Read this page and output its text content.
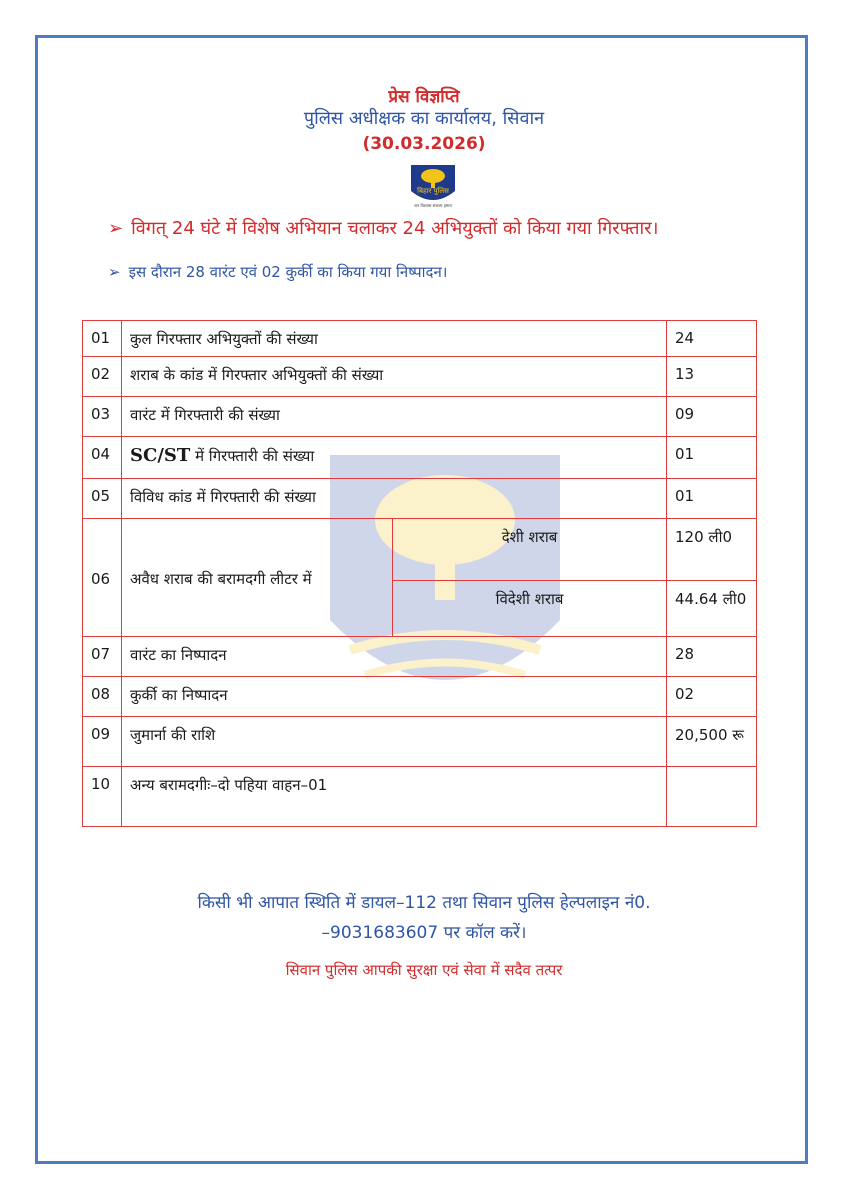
प्रेस विज्ञप्ति
पुलिस अधीक्षक का कार्यालय, सिवान
(30.03.2026)
बिहार पुलिस
जन विश्वास संकल्प हमारा
➢ विगत् 24 घंटे में विशेष अभियान चलाकर 24 अभियुक्तों को किया गया गिरफ्तार।
➢ इस दौरान 28 वारंट एवं 02 कुर्की का किया गया निष्पादन।
01	कुल गिरफ्तार अभियुक्तों की संख्या		24
02	शराब के कांड में गिरफ्तार अभियुक्तों की संख्या		13
03	वारंट में गिरफ्तारी की संख्या		09
04	SC/ST में गिरफ्तारी की संख्या		01
05	विविध कांड में गिरफ्तारी की संख्या		01
06	अवैध शराब की बरामदगी लीटर में	देशी शराब	120 ली0
		विदेशी शराब	44.64 ली0
07	वारंट का निष्पादन		28
08	कुर्की का निष्पादन		02
09	जुमार्ना की राशि		20,500 रू
10	अन्य बरामदगीः–दो पहिया वाहन–01		
किसी भी आपात स्थिति में डायल–112 तथा सिवान पुलिस हेल्पलाइन नं0.
–9031683607 पर कॉल करें।
सिवान पुलिस आपकी सुरक्षा एवं सेवा में सदैव तत्पर
